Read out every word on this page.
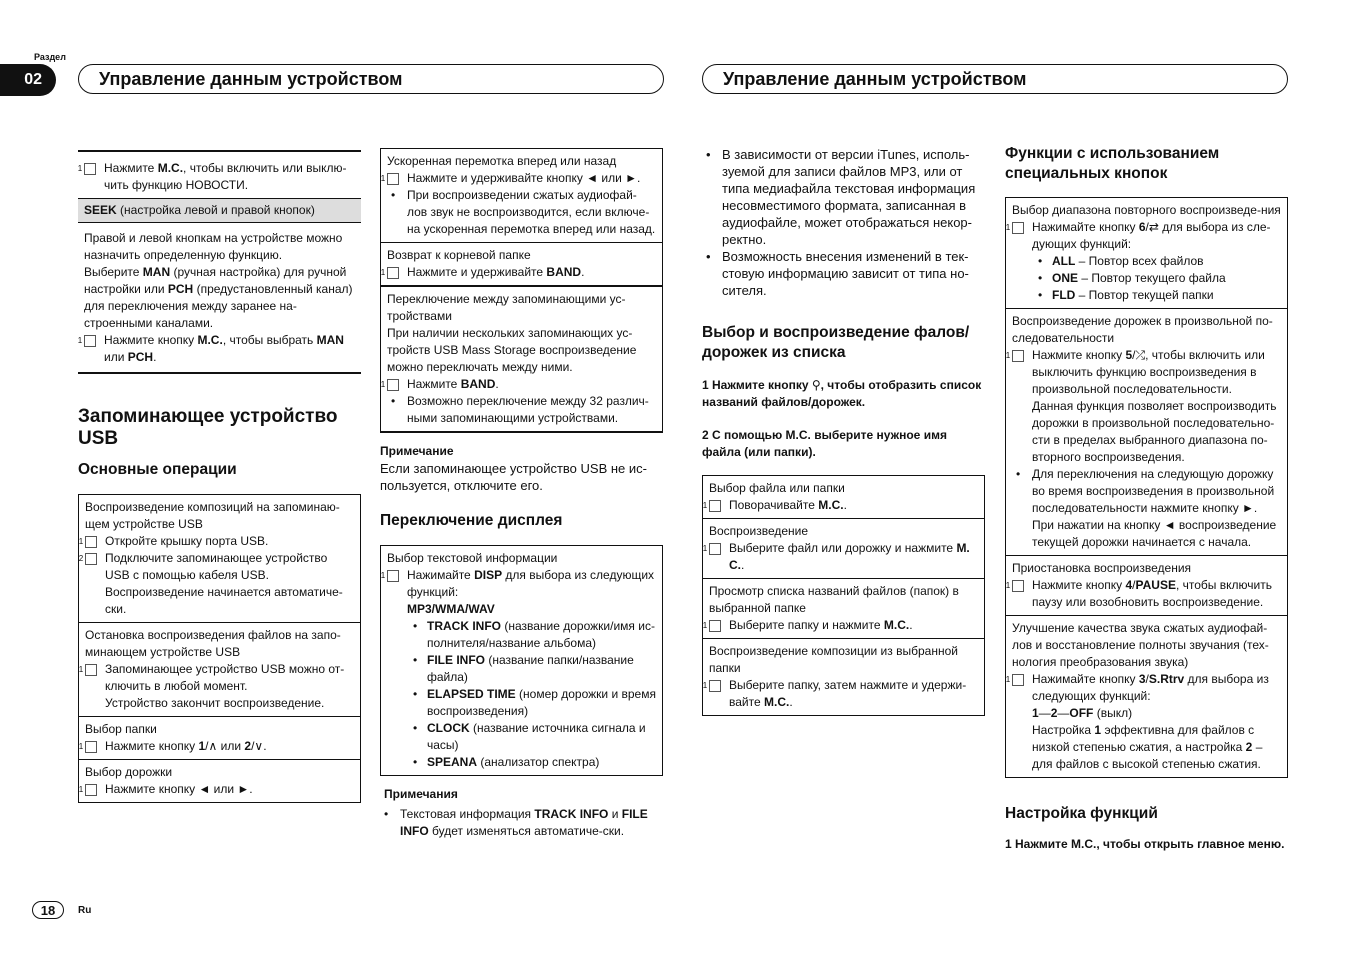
Раздел
02	Управление данным устройством	Управление данным устройством
1 Нажмите M.C., чтобы включить или выклю-чить функцию НОВОСТИ.
SEEK (настройка левой и правой кнопок)
Правой и левой кнопкам на устройстве можно назначить определенную функцию.
Выберите MAN (ручная настройка) для ручной настройки или PCH (предустановленный канал) для переключения между заранее на-строенными каналами.
1 Нажмите кнопку M.C., чтобы выбрать MAN или PCH.
Запоминающее устройство USB
Основные операции
Воспроизведение композиций на запоминаю-щем устройстве USB
1 Откройте крышку порта USB.
2 Подключите запоминающее устройство USB с помощью кабеля USB.
Воспроизведение начинается автоматиче-ски.
Остановка воспроизведения файлов на запо-минающем устройстве USB
1 Запоминающее устройство USB можно от-ключить в любой момент.
Устройство закончит воспроизведение.
Выбор папки
1 Нажмите кнопку 1/∧ или 2/∨.
Выбор дорожки
1 Нажмите кнопку ◄ или ►.
Ускоренная перемотка вперед или назад
1 Нажмите и удерживайте кнопку ◄ или ►.
• При воспроизведении сжатых аудиофай-лов звук не воспроизводится, если включе-на ускоренная перемотка вперед или назад.
Возврат к корневой папке
1 Нажмите и удерживайте BAND.
Переключение между запоминающими ус-тройствами
При наличии нескольких запоминающих ус-тройств USB Mass Storage воспроизведение можно переключать между ними.
1 Нажмите BAND.
• Возможно переключение между 32 различ-ными запоминающими устройствами.
Примечание
Если запоминающее устройство USB не ис-пользуется, отключите его.
Переключение дисплея
Выбор текстовой информации
1 Нажимайте DISP для выбора из следующих функций:
MP3/WMA/WAV
• TRACK INFO (название дорожки/имя ис-полнителя/название альбома)
• FILE INFO (название папки/название файла)
• ELAPSED TIME (номер дорожки и время воспроизведения)
• CLOCK (название источника сигнала и часы)
• SPEANA (анализатор спектра)
Примечания
• Текстовая информация TRACK INFO и FILE INFO будет изменяться автоматиче-ски.
• В зависимости от версии iTunes, исполь-зуемой для записи файлов MP3, или от типа медиафайла текстовая информация несовместимого формата, записанная в аудиофайле, может отображаться некор-ректно.
• Возможность внесения изменений в тек-стовую информацию зависит от типа но-сителя.
Выбор и воспроизведение фалов/дорожек из списка
1 Нажмите кнопку ⚲, чтобы отобразить список названий файлов/дорожек.
2 С помощью M.C. выберите нужное имя файла (или папки).
Выбор файла или папки
1 Поворачивайте M.C..
Воспроизведение
1 Выберите файл или дорожку и нажмите M. C..
Просмотр списка названий файлов (папок) в выбранной папке
1 Выберите папку и нажмите M.C..
Воспроизведение композиции из выбранной папки
1 Выберите папку, затем нажмите и удержи-вайте M.C..
Функции с использованием специальных кнопок
Выбор диапазона повторного воспроизведе-ния
1 Нажимайте кнопку 6/⇄ для выбора из сле-дующих функций:
• ALL – Повтор всех файлов
• ONE – Повтор текущего файла
• FLD – Повтор текущей папки
Воспроизведение дорожек в произвольной по-следовательности
1 Нажмите кнопку 5/⤮, чтобы включить или выключить функцию воспроизведения в произвольной последовательности.
Данная функция позволяет воспроизводить дорожки в произвольной последовательно-сти в пределах выбранного диапазона по-вторного воспроизведения.
• Для переключения на следующую дорожку во время воспроизведения в произвольной последовательности нажмите кнопку ►.
При нажатии на кнопку ◄ воспроизведение текущей дорожки начинается с начала.
Приостановка воспроизведения
1 Нажмите кнопку 4/PAUSE, чтобы включить паузу или возобновить воспроизведение.
Улучшение качества звука сжатых аудиофай-лов и восстановление полноты звучания (тех-нология преобразования звука)
1 Нажимайте кнопку 3/S.Rtrv для выбора из следующих функций:
1—2—OFF (выкл)
Настройка 1 эффективна для файлов с низкой степенью сжатия, а настройка 2 – для файлов с высокой степенью сжатия.
Настройка функций
1 Нажмите M.C., чтобы открыть главное меню.
18	Ru
